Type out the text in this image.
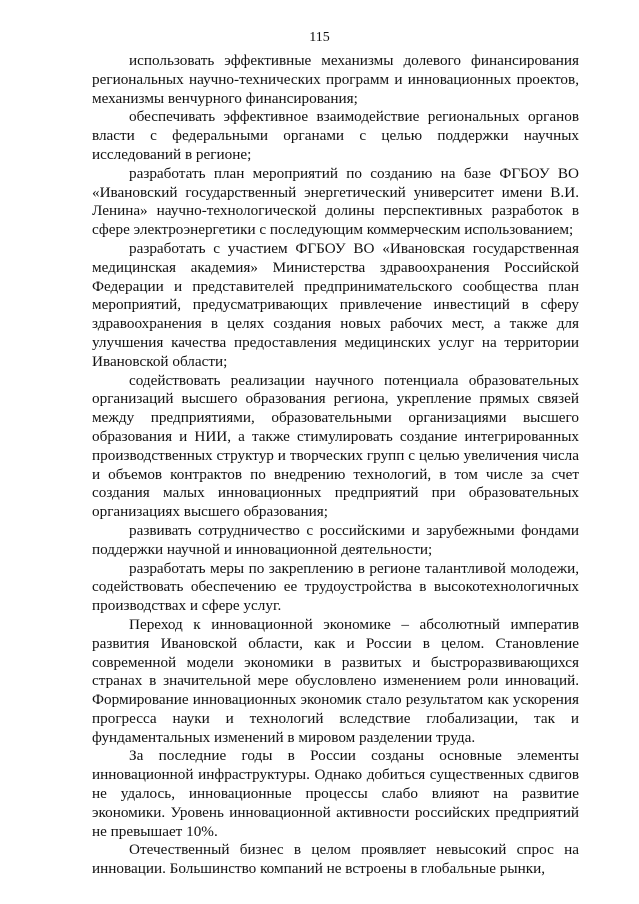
115

использовать эффективные механизмы долевого финансирования региональных научно-технических программ и инновационных проектов, механизмы венчурного финансирования;

обеспечивать эффективное взаимодействие региональных органов власти с федеральными органами с целью поддержки научных исследований в регионе;

разработать план мероприятий по созданию на базе ФГБОУ ВО «Ивановский государственный энергетический университет имени В.И. Ленина» научно-технологической долины перспективных разработок в сфере электроэнергетики с последующим коммерческим использованием;

разработать с участием ФГБОУ ВО «Ивановская государственная медицинская академия» Министерства здравоохранения Российской Федерации и представителей предпринимательского сообщества план мероприятий, предусматривающих привлечение инвестиций в сферу здравоохранения в целях создания новых рабочих мест, а также для улучшения качества предоставления медицинских услуг на территории Ивановской области;

содействовать реализации научного потенциала образовательных организаций высшего образования региона, укрепление прямых связей между предприятиями, образовательными организациями высшего образования и НИИ, а также стимулировать создание интегрированных производственных структур и творческих групп с целью увеличения числа и объемов контрактов по внедрению технологий, в том числе за счет создания малых инновационных предприятий при образовательных организациях высшего образования;

развивать сотрудничество с российскими и зарубежными фондами поддержки научной и инновационной деятельности;

разработать меры по закреплению в регионе талантливой молодежи, содействовать обеспечению ее трудоустройства в высокотехнологичных производствах и сфере услуг.

Переход к инновационной экономике – абсолютный императив развития Ивановской области, как и России в целом. Становление современной модели экономики в развитых и быстроразвивающихся странах в значительной мере обусловлено изменением роли инноваций. Формирование инновационных экономик стало результатом как ускорения прогресса науки и технологий вследствие глобализации, так и фундаментальных изменений в мировом разделении труда.

За последние годы в России созданы основные элементы инновационной инфраструктуры. Однако добиться существенных сдвигов не удалось, инновационные процессы слабо влияют на развитие экономики. Уровень инновационной активности российских предприятий не превышает 10%.

Отечественный бизнес в целом проявляет невысокий спрос на инновации. Большинство компаний не встроены в глобальные рынки,
